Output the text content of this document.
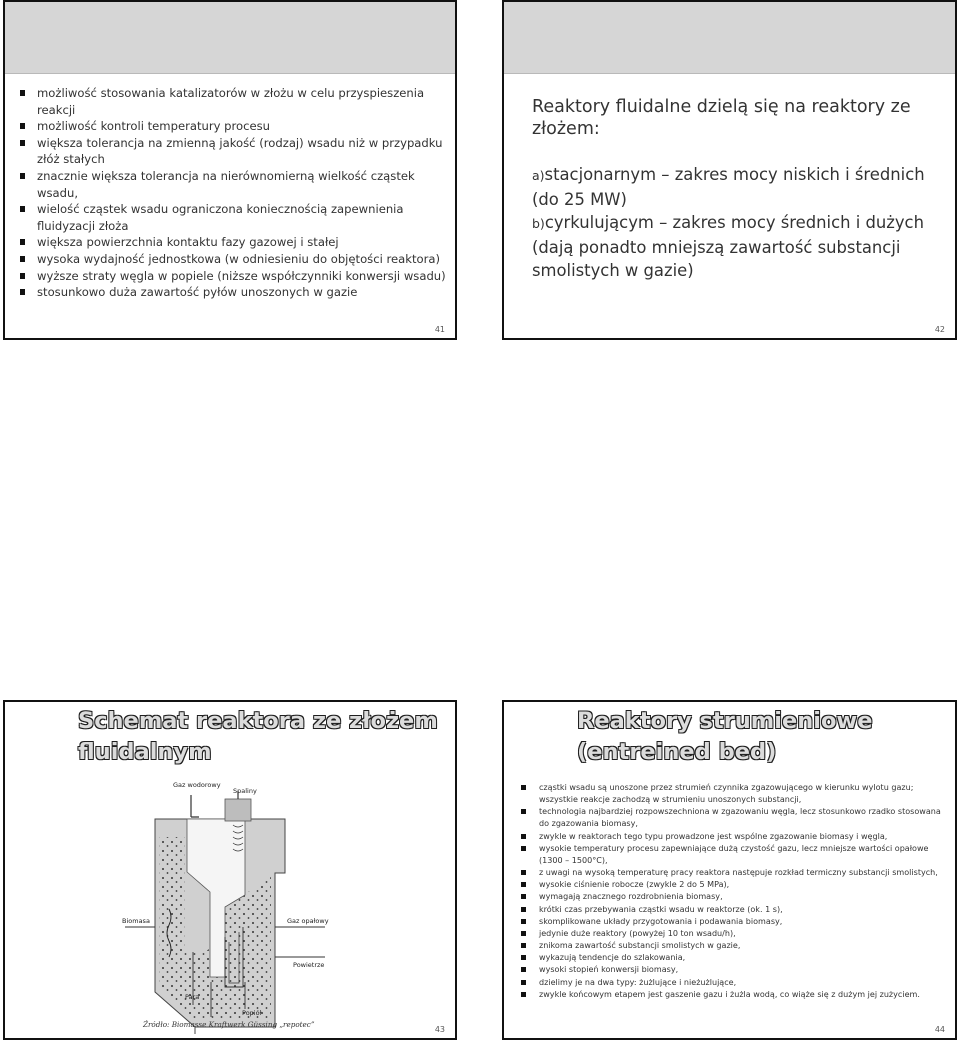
możliwość stosowania katalizatorów w złożu w celu przyspieszenia reakcji
możliwość kontroli temperatury procesu
większa tolerancja na zmienną jakość (rodzaj) wsadu niż w przypadku złóż stałych
znacznie większa tolerancja na nierównomierną wielkość cząstek wsadu,
wielość cząstek wsadu ograniczona koniecznością zapewnienia fluidyzacji złoża
większa powierzchnia kontaktu fazy gazowej i stałej
wysoka wydajność jednostkowa (w odniesieniu do objętości reaktora)
wyższe straty węgla w popiele (niższe współczynniki konwersji wsadu)
stosunkowo duża zawartość pyłów unoszonych w gazie
41

Reaktory fluidalne dzielą się na reaktory ze złożem:

a)stacjonarnym – zakres mocy niskich i średnich (do 25 MW)

b)cyrkulującym – zakres mocy średnich i dużych (dają ponadto mniejszą zawartość substancji smolistych w gazie)

42
Schemat reaktora ze złożem fluidalnym
Gaz wodorowy
Spaliny
Biomasa	Gaz opałowy
Powietrze
Para
Popiół
Źródło: Biomasse Kraftwerk Güssing „repotec”
43
Reaktory strumieniowe (entreined bed)
cząstki wsadu są unoszone przez strumień czynnika zgazowującego w kierunku wylotu gazu; wszystkie reakcje zachodzą w strumieniu unoszonych substancji,
technologia najbardziej rozpowszechniona w zgazowaniu węgla, lecz stosunkowo rzadko stosowana do zgazowania biomasy,
zwykle w reaktorach tego typu prowadzone jest wspólne zgazowanie biomasy i węgla,
wysokie temperatury procesu zapewniające dużą czystość gazu, lecz mniejsze wartości opałowe (1300 – 1500°C),
z uwagi na wysoką temperaturę pracy reaktora następuje rozkład termiczny substancji smolistych,
wysokie ciśnienie robocze (zwykle 2 do 5 MPa),
wymagają znacznego rozdrobnienia biomasy,
krótki czas przebywania cząstki wsadu w reaktorze (ok. 1 s),
skomplikowane układy przygotowania i podawania biomasy,
jedynie duże reaktory (powyżej 10 ton wsadu/h),
znikoma zawartość substancji smolistych w gazie,
wykazują tendencje do szlakowania,
wysoki stopień konwersji biomasy,
dzielimy je na dwa typy: żużlujące i nieżużlujące,
zwykle końcowym etapem jest gaszenie gazu i żużla wodą, co wiąże się z dużym jej zużyciem.
44
